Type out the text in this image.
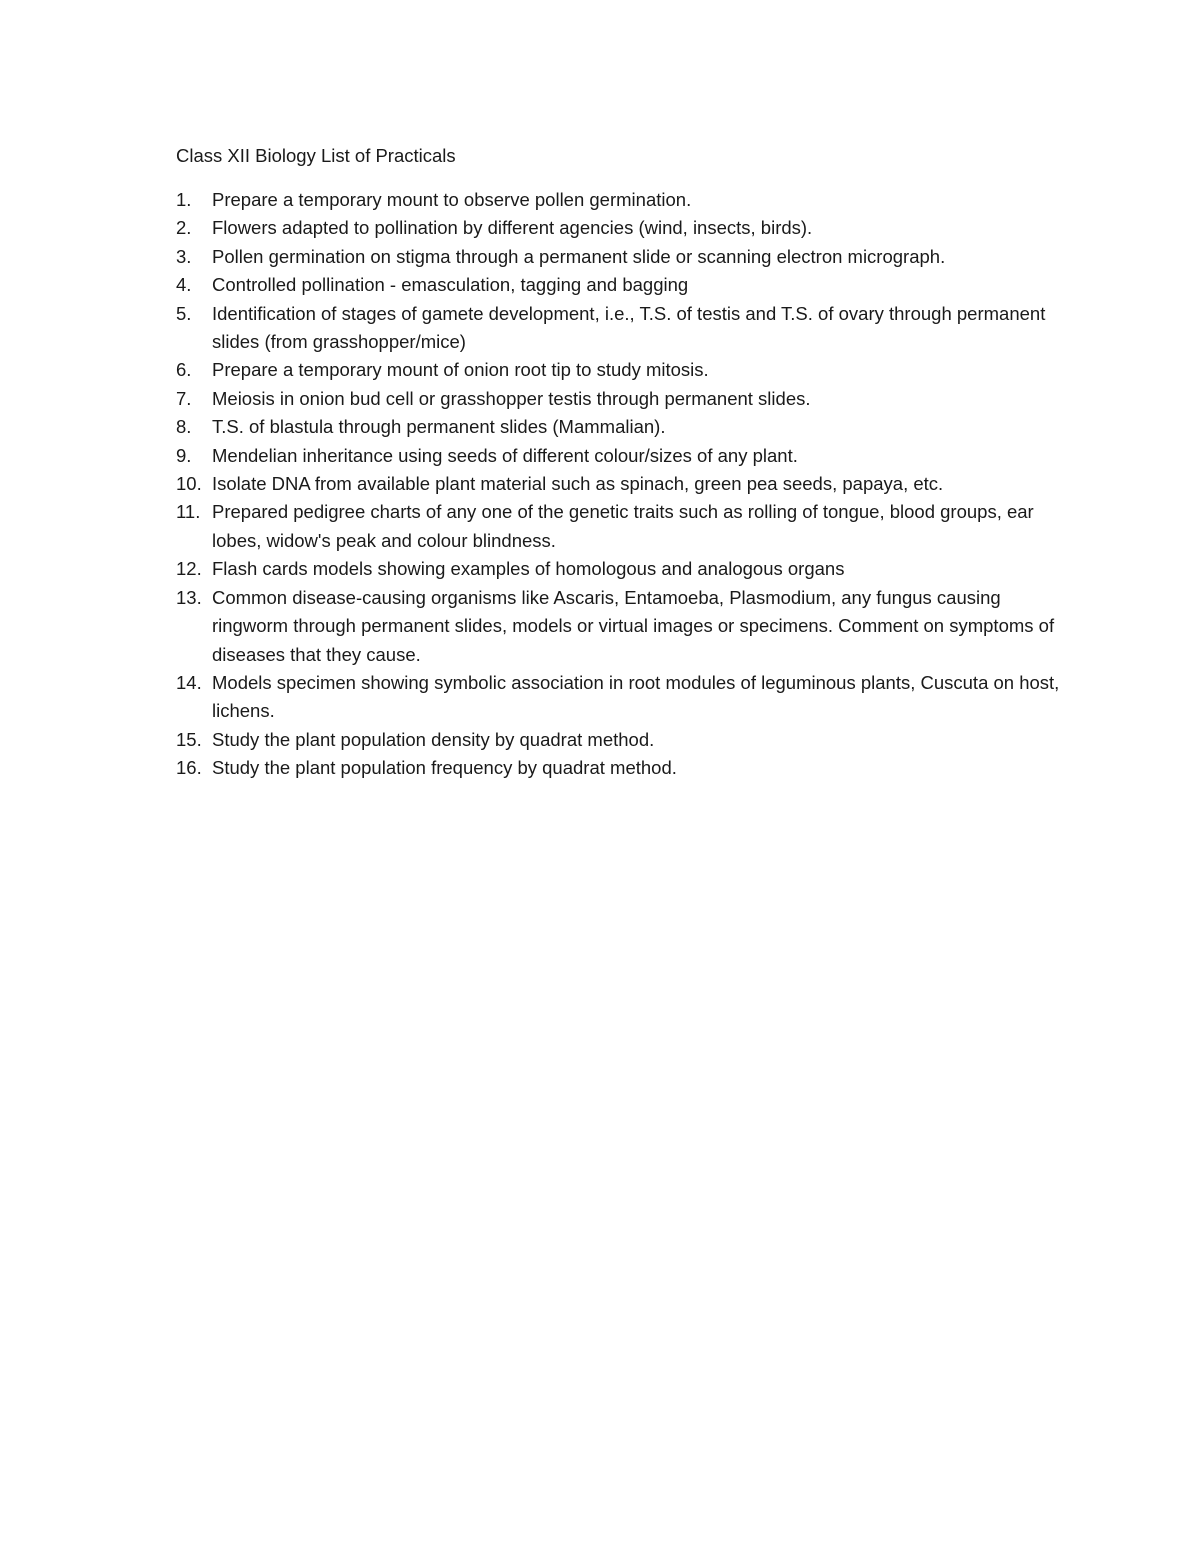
Class XII Biology List of Practicals
1.	Prepare a temporary mount to observe pollen germination.
2.	Flowers adapted to pollination by different agencies (wind, insects, birds).
3.	Pollen germination on stigma through a permanent slide or scanning electron micrograph.
4.	Controlled pollination - emasculation, tagging and bagging
5.	Identification of stages of gamete development, i.e., T.S. of testis and T.S. of ovary through permanent slides (from grasshopper/mice)
6.	Prepare a temporary mount of onion root tip to study mitosis.
7.	Meiosis in onion bud cell or grasshopper testis through permanent slides.
8.	T.S. of blastula through permanent slides (Mammalian).
9.	Mendelian inheritance using seeds of different colour/sizes of any plant.
10. Isolate DNA from available plant material such as spinach, green pea seeds, papaya, etc.
11. Prepared pedigree charts of any one of the genetic traits such as rolling of tongue, blood groups, ear lobes, widow's peak and colour blindness.
12. Flash cards models showing examples of homologous and analogous organs
13. Common disease-causing organisms like Ascaris, Entamoeba, Plasmodium, any fungus causing ringworm through permanent slides, models or virtual images or specimens. Comment on symptoms of diseases that they cause.
14. Models specimen showing symbolic association in root modules of leguminous plants, Cuscuta on host, lichens.
15. Study the plant population density by quadrat method.
16. Study the plant population frequency by quadrat method.
